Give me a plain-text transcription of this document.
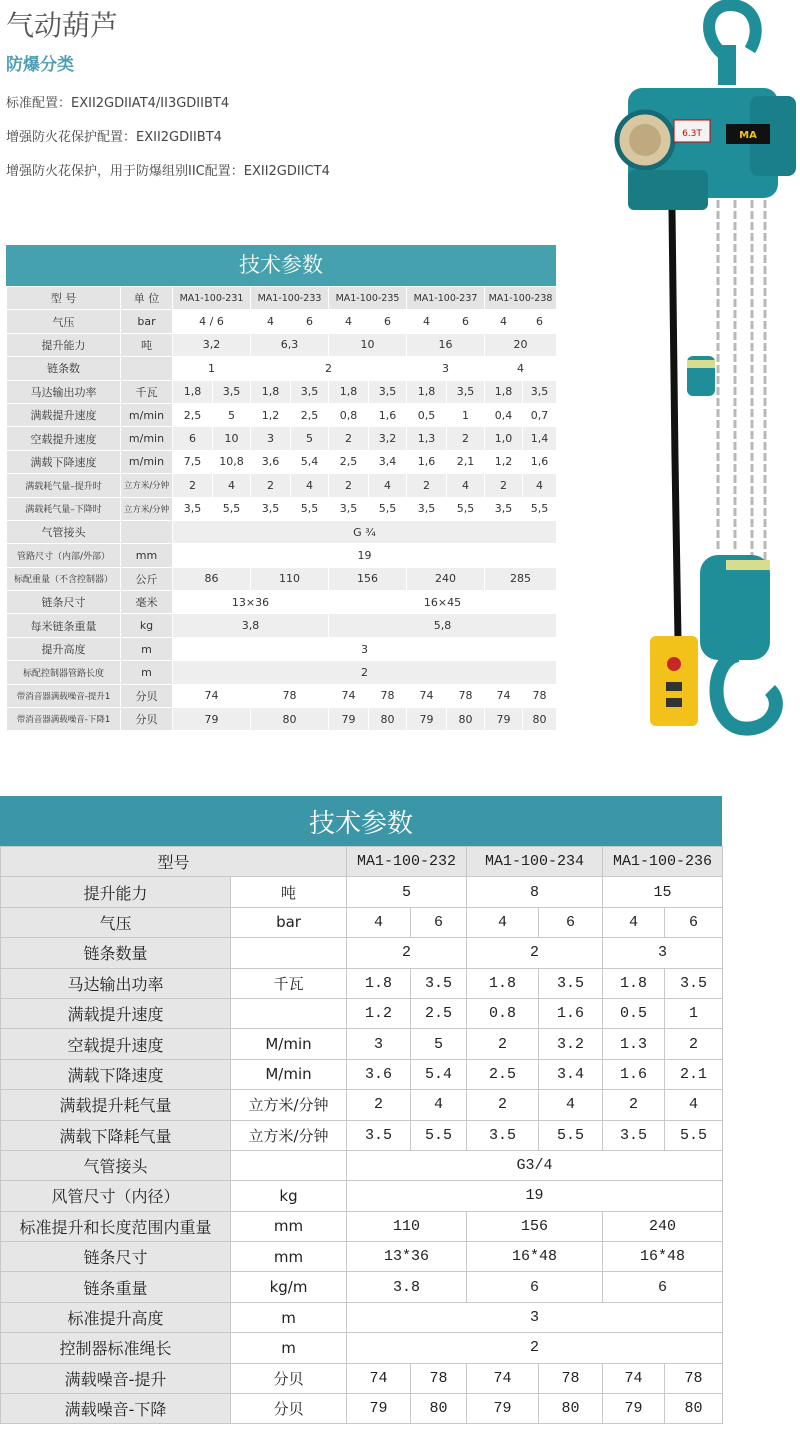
气动葫芦
防爆分类
标准配置：EXII2GDIIAT4/II3GDIIBT4
增强防火花保护配置：EXII2GDIIBT4
增强防火花保护，用于防爆组别IIC配置：EXII2GDIICT4
6.3T	MA
技术参数
型 号	单 位	MA1-100-231		MA1-100-233		MA1-100-235		MA1-100-237		MA1-100-238	
气压	bar	4 / 6		4	6	4	6	4	6	4	6
提升能力	吨	3,2		6,3		10		16		20	
链条数		1		2				3		4	
马达输出功率	千瓦	1,8	3,5	1,8	3,5	1,8	3,5	1,8	3,5	1,8	3,5
满载提升速度	m/min	2,5	5	1,2	2,5	0,8	1,6	0,5	1	0,4	0,7
空载提升速度	m/min	6	10	3	5	2	3,2	1,3	2	1,0	1,4
满载下降速度	m/min	7,5	10,8	3,6	5,4	2,5	3,4	1,6	2,1	1,2	1,6
满载耗气量–提升时	立方米/分钟	2	4	2	4	2	4	2	4	2	4
满载耗气量–下降时	立方米/分钟	3,5	5,5	3,5	5,5	3,5	5,5	3,5	5,5	3,5	5,5
气管接头		G ¾									
管路尺寸（内部/外部）	mm	19									
标配重量（不含控制器）	公斤	86		110		156		240		285	
链条尺寸	毫米	13×36				16×45					
每米链条重量	kg	3,8				5,8					
提升高度	m	3									
标配控制器管路长度	m	2									
带消音器满载噪音-提升1	分贝	74		78		74	78	74	78	74	78
带消音器满载噪音-下降1	分贝	79		80		79	80	79	80	79	80
技术参数
型号		MA1-100-232		MA1-100-234		MA1-100-236	
提升能力	吨	5		8		15	
气压	bar	4	6	4	6	4	6
链条数量		2		2		3	
马达输出功率	千瓦	1.8	3.5	1.8	3.5	1.8	3.5
满载提升速度		1.2	2.5	0.8	1.6	0.5	1
空载提升速度	M/min	3	5	2	3.2	1.3	2
满载下降速度	M/min	3.6	5.4	2.5	3.4	1.6	2.1
满载提升耗气量	立方米/分钟	2	4	2	4	2	4
满载下降耗气量	立方米/分钟	3.5	5.5	3.5	5.5	3.5	5.5
气管接头		G3/4					
风管尺寸（内径）	kg	19					
标准提升和长度范围内重量	mm	110		156		240	
链条尺寸	mm	13*36		16*48		16*48	
链条重量	kg/m	3.8		6		6	
标准提升高度	m	3					
控制器标准绳长	m	2					
满载噪音-提升	分贝	74	78	74	78	74	78
满载噪音-下降	分贝	79	80	79	80	79	80
